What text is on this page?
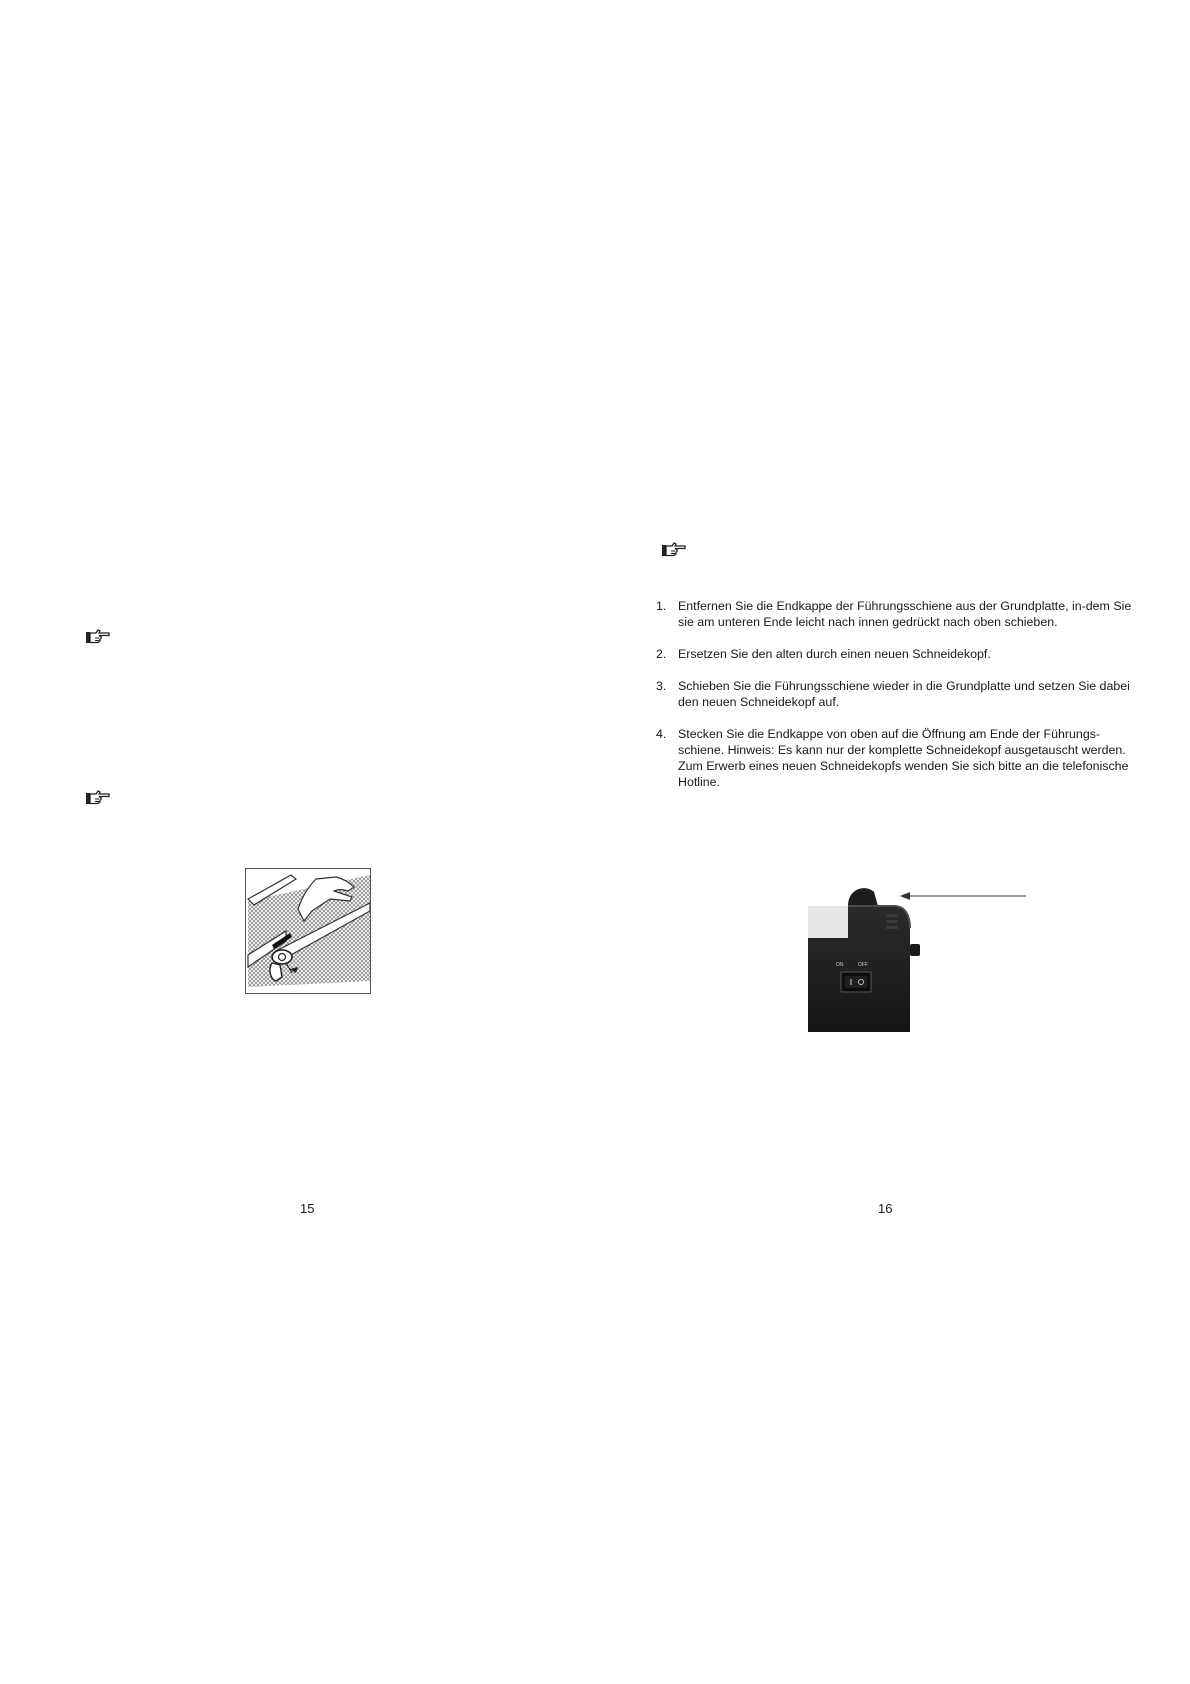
15
1. Entfernen Sie die Endkappe der Führungsschiene aus der Grundplatte, in-dem Sie sie am unteren Ende leicht nach innen gedrückt nach oben schieben.
2. Ersetzen Sie den alten durch einen neuen Schneidekopf.
3. Schieben Sie die Führungsschiene wieder in die Grundplatte und setzen Sie dabei den neuen Schneidekopf auf.
4. Stecken Sie die Endkappe von oben auf die Öffnung am Ende der Führungs-schiene. Hinweis: Es kann nur der komplette Schneidekopf ausgetauscht werden. Zum Erwerb eines neuen Schneidekopfs wenden Sie sich bitte an die telefonische Hotline.
ON	OFF
16
